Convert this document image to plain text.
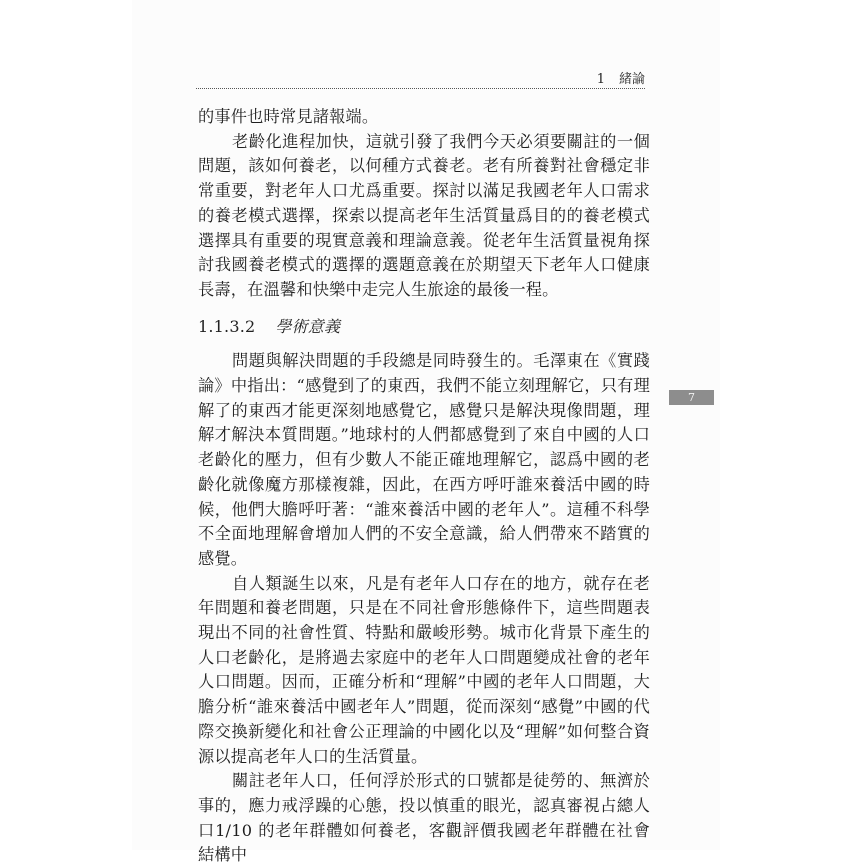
1 緒論
7

的事件也時常見諸報端。

老齡化進程加快，這就引發了我們今天必須要關註的一個問題，該如何養老，以何種方式養老。老有所養對社會穩定非常重要，對老年人口尤爲重要。探討以滿足我國老年人口需求的養老模式選擇，探索以提高老年生活質量爲目的的養老模式選擇具有重要的現實意義和理論意義。從老年生活質量視角探討我國養老模式的選擇的選題意義在於期望天下老年人口健康長壽，在溫馨和快樂中走完人生旅途的最後一程。

1.1.3.2 學術意義

問題與解決問題的手段總是同時發生的。毛澤東在《實踐論》中指出：“感覺到了的東西，我們不能立刻理解它，只有理解了的東西才能更深刻地感覺它，感覺只是解決現像問題，理解才解決本質問題。”地球村的人們都感覺到了來自中國的人口老齡化的壓力，但有少數人不能正確地理解它，認爲中國的老齡化就像魔方那樣複雜，因此，在西方呼吁誰來養活中國的時候，他們大膽呼吁著：“誰來養活中國的老年人”。這種不科學不全面地理解會增加人們的不安全意識，給人們帶來不踏實的感覺。

自人類誕生以來，凡是有老年人口存在的地方，就存在老年問題和養老問題，只是在不同社會形態條件下，這些問題表現出不同的社會性質、特點和嚴峻形勢。城市化背景下產生的人口老齡化，是將過去家庭中的老年人口問題變成社會的老年人口問題。因而，正確分析和“理解”中國的老年人口問題，大膽分析“誰來養活中國老年人”問題，從而深刻“感覺”中國的代際交換新變化和社會公正理論的中國化以及“理解”如何整合資源以提高老年人口的生活質量。

關註老年人口，任何浮於形式的口號都是徒勞的、無濟於事的，應力戒浮躁的心態，投以慎重的眼光，認真審視占總人口1/10 的老年群體如何養老，客觀評價我國老年群體在社會結構中
